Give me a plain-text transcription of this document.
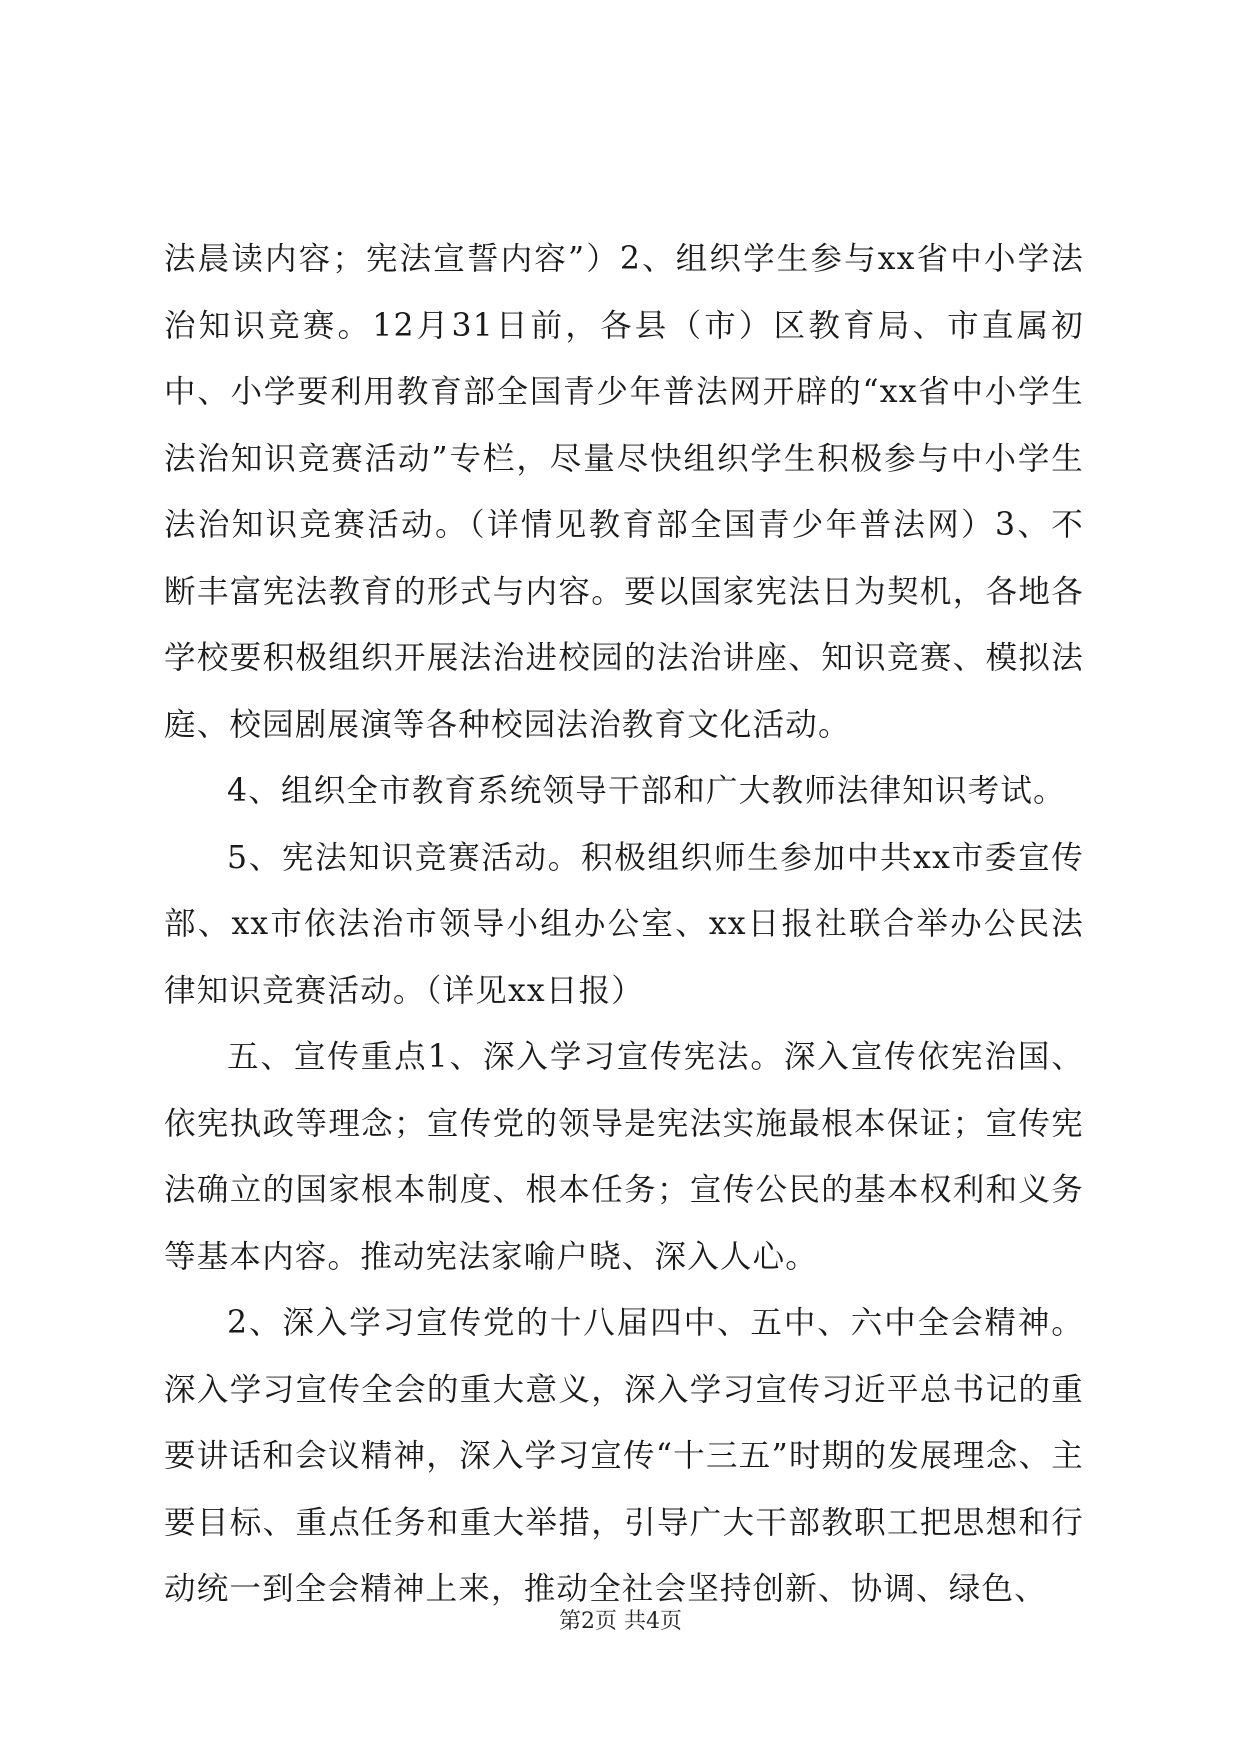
法晨读内容；宪法宣誓内容”）2、组织学生参与xx省中小学法治知识竞赛。12月31日前，各县（市）区教育局、市直属初中、小学要利用教育部全国青少年普法网开辟的“xx省中小学生法治知识竞赛活动”专栏，尽量尽快组织学生积极参与中小学生法治知识竞赛活动。（详情见教育部全国青少年普法网）3、不断丰富宪法教育的形式与内容。要以国家宪法日为契机，各地各学校要积极组织开展法治进校园的法治讲座、知识竞赛、模拟法庭、校园剧展演等各种校园法治教育文化活动。

4、组织全市教育系统领导干部和广大教师法律知识考试。

5、宪法知识竞赛活动。积极组织师生参加中共xx市委宣传部、xx市依法治市领导小组办公室、xx日报社联合举办公民法律知识竞赛活动。（详见xx日报）

五、宣传重点1、深入学习宣传宪法。深入宣传依宪治国、依宪执政等理念；宣传党的领导是宪法实施最根本保证；宣传宪法确立的国家根本制度、根本任务；宣传公民的基本权利和义务等基本内容。推动宪法家喻户晓、深入人心。

2、深入学习宣传党的十八届四中、五中、六中全会精神。深入学习宣传全会的重大意义，深入学习宣传习近平总书记的重要讲话和会议精神，深入学习宣传“十三五”时期的发展理念、主要目标、重点任务和重大举措，引导广大干部教职工把思想和行动统一到全会精神上来，推动全社会坚持创新、协调、绿色、

第2页 共4页
